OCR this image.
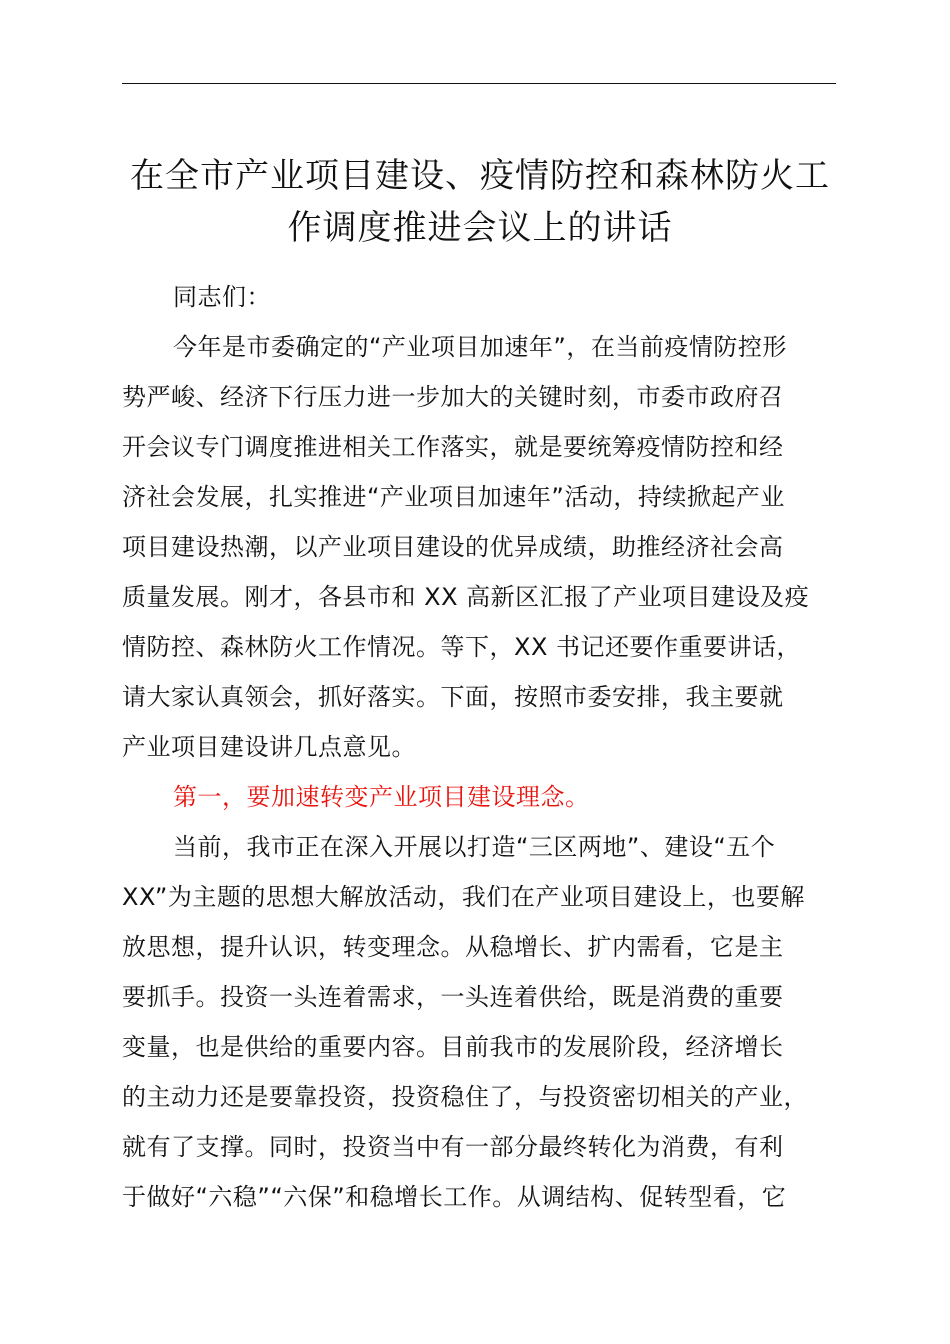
在全市产业项目建设、疫情防控和森林防火工
作调度推进会议上的讲话
同志们：
今年是市委确定的“产业项目加速年”，在当前疫情防控形
势严峻、经济下行压力进一步加大的关键时刻，市委市政府召
开会议专门调度推进相关工作落实，就是要统筹疫情防控和经
济社会发展，扎实推进“产业项目加速年”活动，持续掀起产业
项目建设热潮，以产业项目建设的优异成绩，助推经济社会高
质量发展。刚才，各县市和 XX 高新区汇报了产业项目建设及疫
情防控、森林防火工作情况。等下，XX 书记还要作重要讲话，
请大家认真领会，抓好落实。下面，按照市委安排，我主要就
产业项目建设讲几点意见。
第一，要加速转变产业项目建设理念。
当前，我市正在深入开展以打造“三区两地”、建设“五个
XX”为主题的思想大解放活动，我们在产业项目建设上，也要解
放思想，提升认识，转变理念。从稳增长、扩内需看，它是主
要抓手。投资一头连着需求，一头连着供给，既是消费的重要
变量，也是供给的重要内容。目前我市的发展阶段，经济增长
的主动力还是要靠投资，投资稳住了，与投资密切相关的产业，
就有了支撑。同时，投资当中有一部分最终转化为消费，有利
于做好“六稳”“六保”和稳增长工作。从调结构、促转型看，它
